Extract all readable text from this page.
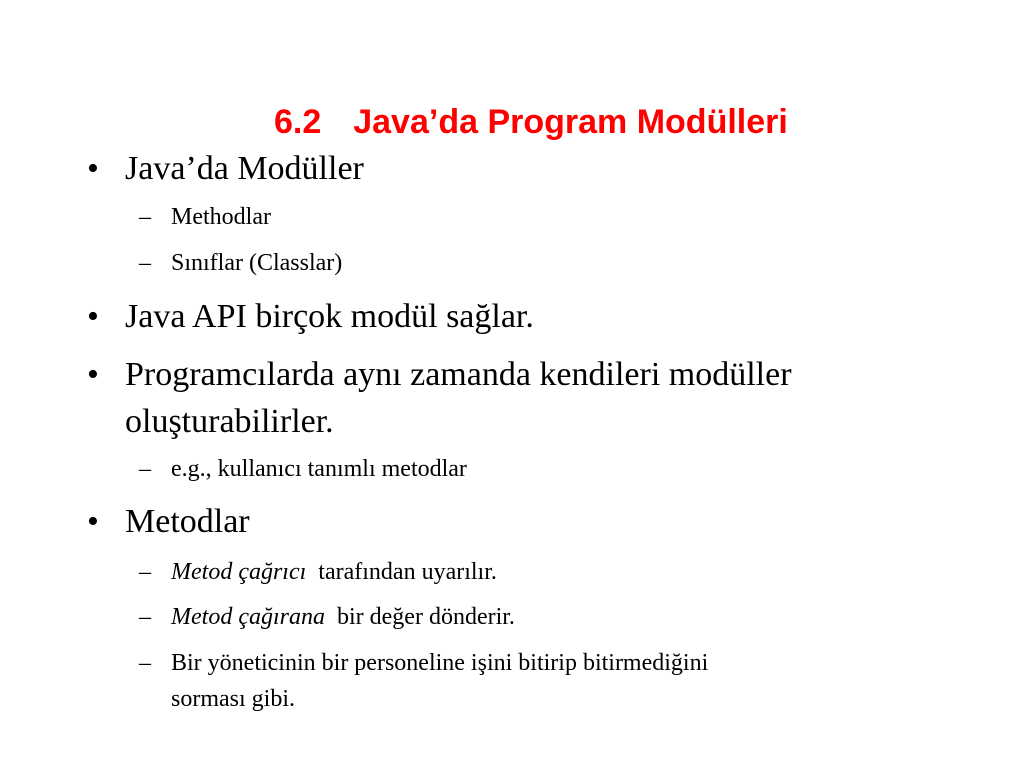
6.2 Java’da Program Modülleri

• Java’da Modüller
– Methodlar
– Sınıflar (Classlar)
• Java API birçok modül sağlar.
• Programcılarda aynı zamanda kendileri modüller
oluşturabilirler.
– e.g., kullanıcı tanımlı metodlar
• Metodlar
– Metod çağrıcı tarafından uyarılır.
– Metod çağırana bir değer dönderir.
– Bir yöneticinin bir personeline işini bitirip bitirmediğini
sorması gibi.
